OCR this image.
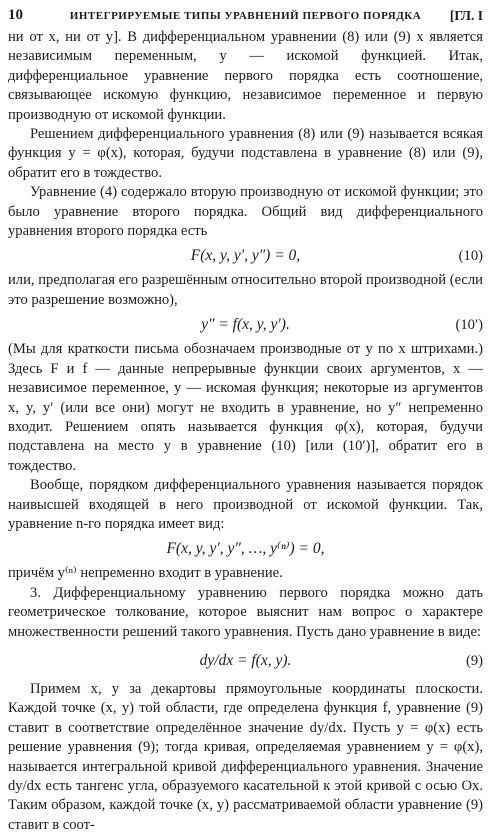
10	ИНТЕГРИРУЕМЫЕ ТИПЫ УРАВНЕНИЙ ПЕРВОГО ПОРЯДКА	[ГЛ. I

ни от x, ни от y]. В дифференциальном уравнении (8) или (9) x является независимым переменным, y — искомой функцией. Итак, дифференциальное уравнение первого порядка есть соотношение, связывающее искомую функцию, независимое переменное и первую производную от искомой функции.

Решением дифференциального уравнения (8) или (9) называется всякая функция y = φ(x), которая, будучи подставлена в уравнение (8) или (9), обратит его в тождество.

Уравнение (4) содержало вторую производную от искомой функции; это было уравнение второго порядка. Общий вид дифференциального уравнения второго порядка есть

F(x, y, y′, y″) = 0,	(10)

или, предполагая его разрешённым относительно второй производной (если это разрешение возможно),

y″ = f(x, y, y′).	(10′)

(Мы для краткости письма обозначаем производные от y по x штрихами.) Здесь F и f — данные непрерывные функции своих аргументов, x — независимое переменное, y — искомая функция; некоторые из аргументов x, y, y′ (или все они) могут не входить в уравнение, но y″ непременно входит. Решением опять называется функция φ(x), которая, будучи подставлена на место y в уравнение (10) [или (10′)], обратит его в тождество.

Вообще, порядком дифференциального уравнения называется порядок наивысшей входящей в него производной от искомой функции. Так, уравнение n-го порядка имеет вид:

F(x, y, y′, y″, …, y⁽ⁿ⁾) = 0,

причём y⁽ⁿ⁾ непременно входит в уравнение.

3. Дифференциальному уравнению первого порядка можно дать геометрическое толкование, которое выяснит нам вопрос о характере множественности решений такого уравнения. Пусть дано уравнение в виде:

dy/dx = f(x, y).	(9)

Примем x, y за декартовы прямоугольные координаты плоскости. Каждой точке (x, y) той области, где определена функция f, уравнение (9) ставит в соответствие определённое значение dy/dx. Пусть y = φ(x) есть решение уравнения (9); тогда кривая, определяемая уравнением y = φ(x), называется интегральной кривой дифференциального уравнения. Значение dy/dx есть тангенс угла, образуемого касательной к этой кривой с осью Ox. Таким образом, каждой точке (x, y) рассматриваемой области уравнение (9) ставит в соот-
